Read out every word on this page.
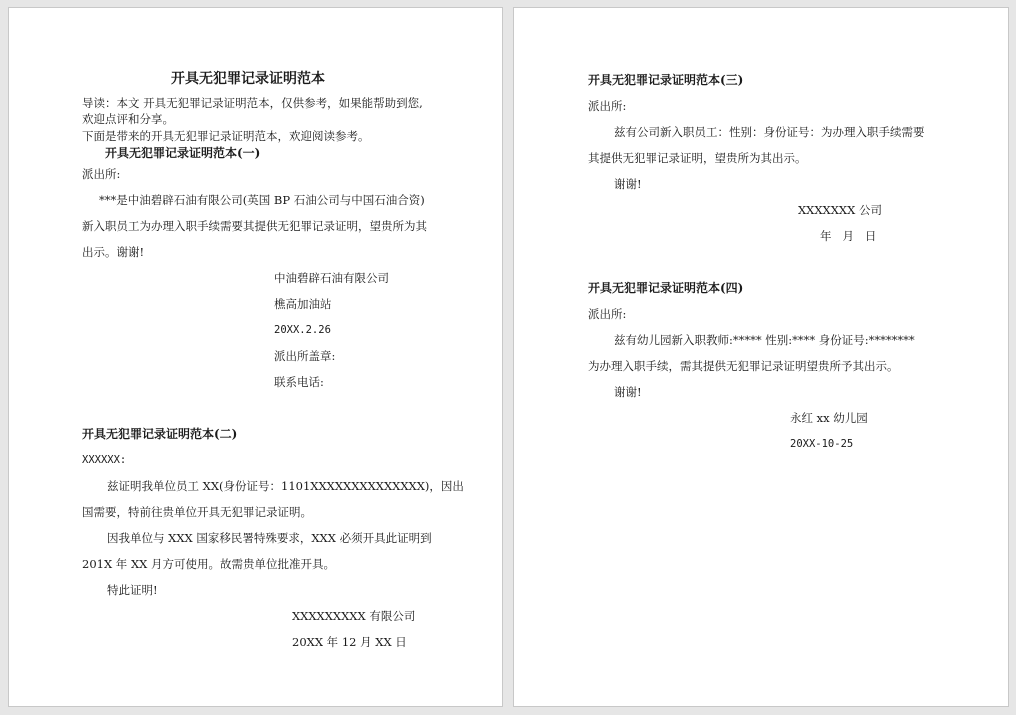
开具无犯罪记录证明范本
导读：本文 开具无犯罪记录证明范本，仅供参考，如果能帮助到您,
欢迎点评和分享。
下面是带来的开具无犯罪记录证明范本，欢迎阅读参考。
开具无犯罪记录证明范本(一)
派出所:
***是中油碧辟石油有限公司(英国 BP 石油公司与中国石油合资)
新入职员工为办理入职手续需要其提供无犯罪记录证明，望贵所为其
出示。谢谢!
中油碧辟石油有限公司
樵高加油站
20XX.2.26
派出所盖章:
联系电话:
开具无犯罪记录证明范本(二)
XXXXXX:
兹证明我单位员工 XX(身份证号：1101XXXXXXXXXXXXXX)，因出
国需要，特前往贵单位开具无犯罪记录证明。
因我单位与 XXX 国家移民署特殊要求，XXX 必须开具此证明到
201X 年 XX 月方可使用。故需贵单位批准开具。
特此证明!
XXXXXXXXX 有限公司
20XX 年 12 月 XX 日
开具无犯罪记录证明范本(三)
派出所:
兹有公司新入职员工：性别：身份证号：为办理入职手续需要
其提供无犯罪记录证明，望贵所为其出示。
谢谢!
XXXXXXX 公司
年   月   日
开具无犯罪记录证明范本(四)
派出所:
兹有幼儿园新入职教师:***** 性别:**** 身份证号:********
为办理入职手续，需其提供无犯罪记录证明望贵所予其出示。
谢谢!
永红 xx 幼儿园
20XX-10-25
